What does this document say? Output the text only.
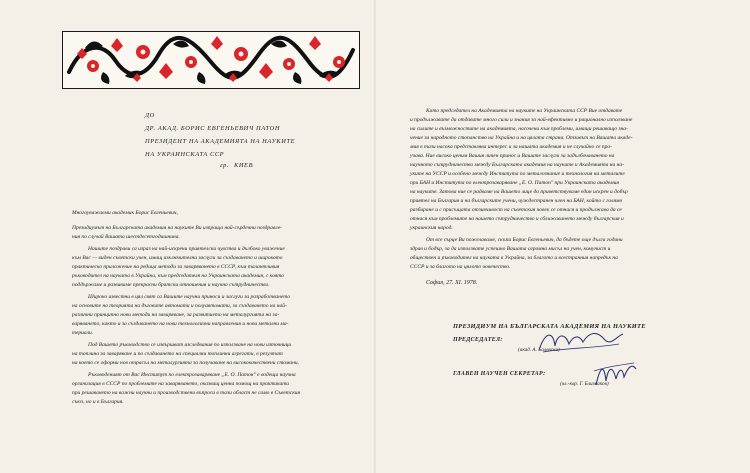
ДО
ДР. АКАД. БОРИС ЕВГЕНЬЕВИЧ ПАТОН
ПРЕЗИДЕНТ НА АКАДЕМИЯТА НА НАУКИТЕ
НА УКРАИНСКАТА ССР
гр. КИЕВ
Многоуважаеми академик Борис Евгеньевич,
Президиумът на Българската академия на науките Ви изпраща най-сърдечни поздравле-
ния по случай Вашата шестдесетгодишнина.
Нашите поздрави са израз на най-искрени приятелски чувства и дълбоко уважение
към Вас — виден съветски учен, имащ изключителни заслуги за създаването и широкото
практическо приложение на редица методи за заваряването в СССР, към талантливия
ръководител на науката в Украйна, към председателя на Украинската академия, с която
поддържаме и развиваме прекрасни братски отношения и научно сътрудничество.
Широко известни в цял свят са Вашите научни приноси и заслуги за разработването
на основите на теорията на дъговите автомати и полуавтомати, за създаването на най-
различни принципно нови методи на заваряване, за развитието на металургията на за-
варяването, както и за създаването на нови технологични направления и нови метални ма-
териали.
Под Вашето ръководство се извършват изследвания по използване на нови източници
на топлина за заваряване и по създаването на специални топлинни агрегати, в резултат
на което се оформи нов отрасъл на металургията за получаване на висококачествени стомани.
Ръководеният от Вас Институт по електрозаваряване „Е. О. Патон" е водеща научна
организация в СССР по проблемите на заваряването, оказващ ценна помощ на практиката
при решаването на важни научни и производствени въпроси в тази област не само в Съветския
съюз, но и в България.
Като председател на Академията на науките на Украинската ССР Вие отдавате
и продължавате да отдавате много сили и знания за най-ефективно и рационално използване
на силите и възможностите на академията, насочени към проблеми, имащи решаващо зна-
чение за народното стопанство на Украйна и на цялата страна. Отзивът на Вашата акаде-
мия в тази насока представлява интерес и за нашата академия и не случайно се про-
учава. Ние високо ценим Вашия личен принос и Вашите заслуги за задълбочаването на
научното сътрудничество между Българската академия на науките и Академията на на-
уките на УССР и особено между Института по металознание и технология на металите
при БАН и Института по електрозаваряване „Е. О. Патон" при Украинската академия
на науките. Затова ние се радваме на Вашето лице до приветствуваме един искрен и добър
приятел на България и на българските учени, чуждестранен член на БАН, който с голямо
разбиране и с присъщата отзивчивост на съветския човек се отнася и продължава да се
отнася към проблемите на нашето сътрудничество и сближаването между българския и
украинския народ.
От все сърце Ви пожелаваме, скъпи Борис Евгеньевич, да бъдете още дълги години
здрав и бодър, за да използвате успешно Вашата огромна мисъл на учен, комунист и
обществен и ръководител на науката в Украйна, за благото и всестранния напредък на
СССР и за благото на цялото човечество.
София, 27. XI. 1978.
ПРЕЗИДИУМ НА БЪЛГАРСКАТА АКАДЕМИЯ НА НАУКИТЕ
ПРЕДСЕДАТЕЛ:
(акад. А. Балевски)
ГЛАВЕН НАУЧЕН СЕКРЕТАР:
(чл.-кор. Г. Близнаков)
